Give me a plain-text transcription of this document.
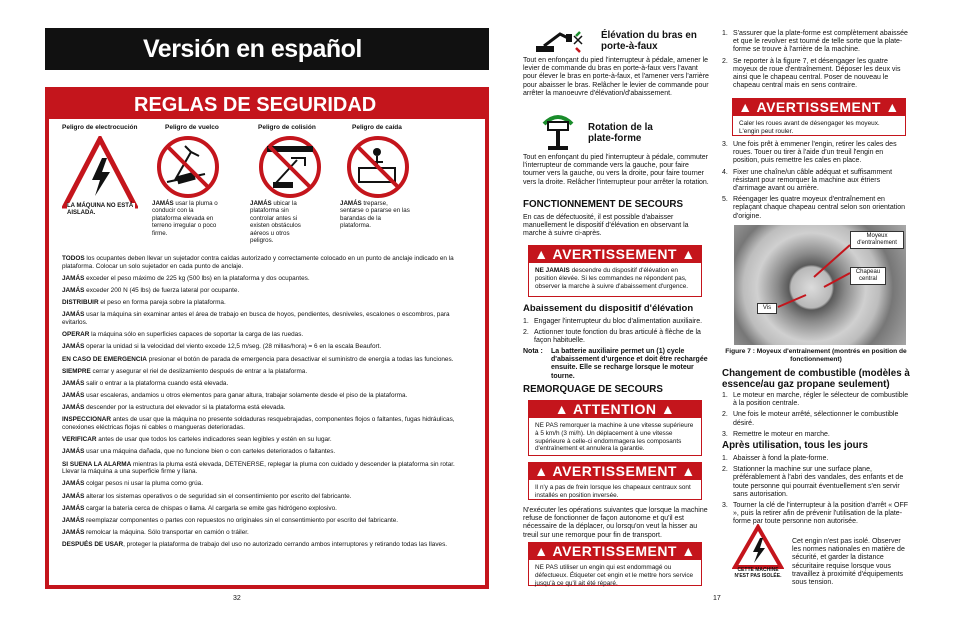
Versión en español
REGLAS DE SEGURIDAD
Peligro de electrocución	Peligro de vuelco	Peligro de colisión	Peligro de caída
LA MÁQUINA NO ESTÁ AISLADA.
JAMÁS usar la pluma o conducir con la plataforma elevada en terreno irregular o poco firme.
JAMÁS ubicar la plataforma sin controlar antes si existen obstáculos aéreos u otros peligros.
JAMÁS treparse, sentarse o pararse en las barandas de la plataforma.

TODOS los ocupantes deben llevar un sujetador contra caídas autorizado y correctamente colocado en un punto de anclaje indicado en la plataforma. Colocar un solo sujetador en cada punto de anclaje.

JAMÁS exceder el peso máximo de 225 kg (500 lbs) en la plataforma y dos ocupantes.

JAMÁS exceder 200 N (45 lbs) de fuerza lateral por ocupante.

DISTRIBUIR el peso en forma pareja sobre la plataforma.

JAMÁS usar la máquina sin examinar antes el área de trabajo en busca de hoyos, pendientes, desniveles, escalones o escombros, para evitarlos.

OPERAR la máquina sólo en superficies capaces de soportar la carga de las ruedas.

JAMÁS operar la unidad si la velocidad del viento excede 12,5 m/seg. (28 millas/hora) = 6 en la escala Beaufort.

EN CASO DE EMERGENCIA presionar el botón de parada de emergencia para desactivar el suministro de energía a todas las funciones.

SIEMPRE cerrar y asegurar el riel de deslizamiento después de entrar a la plataforma.

JAMÁS salir o entrar a la plataforma cuando está elevada.

JAMÁS usar escaleras, andamios u otros elementos para ganar altura, trabajar solamente desde el piso de la plataforma.

JAMÁS descender por la estructura del elevador si la plataforma está elevada.

INSPECCIONAR antes de usar que la máquina no presente soldaduras resquebrajadas, componentes flojos o faltantes, fugas hidráulicas, conexiones eléctricas flojas ni cables o mangueras deterioradas.

VERIFICAR antes de usar que todos los carteles indicadores sean legibles y estén en su lugar.

JAMÁS usar una máquina dañada, que no funcione bien o con carteles deteriorados o faltantes.

SI SUENA LA ALARMA mientras la pluma está elevada, DETENERSE, replegar la pluma con cuidado y descender la plataforma sin rotar. Llevar la máquina a una superficie firme y llana.

JAMÁS colgar pesos ni usar la pluma como grúa.

JAMÁS alterar los sistemas operativos o de seguridad sin el consentimiento por escrito del fabricante.

JAMÁS cargar la batería cerca de chispas o llama. Al cargarla se emite gas hidrógeno explosivo.

JAMÁS reemplazar componentes o partes con repuestos no originales sin el consentimiento por escrito del fabricante.

JAMÁS remolcar la máquina. Sólo transportar en camión o tráiler.

DESPUÉS DE USAR, proteger la plataforma de trabajo del uso no autorizado cerrando ambos interruptores y retirando todas las llaves.

32
Élévation du bras en porte-à-faux
Tout en enfonçant du pied l'interrupteur à pédale, amener le levier de commande du bras en porte-à-faux vers l'avant pour élever le bras en porte-à-faux, et l'amener vers l'arrière pour abaisser le bras. Relâcher le levier de commande pour arrêter la manoeuvre d'élévation/d'abaissement.
Rotation de la plate-forme
Tout en enfonçant du pied l'interrupteur à pédale, commuter l'interrupteur de commande vers la gauche, pour faire tourner vers la gauche, ou vers la droite, pour faire tourner vers la droite. Relâcher l'interrupteur pour arrêter la rotation.
FONCTIONNEMENT DE SECOURS
En cas de défectuosité, il est possible d'abaisser manuellement le dispositif d'élévation en observant la marche à suivre ci-après.
▲ AVERTISSEMENT ▲
NE JAMAIS descendre du dispositif d'élévation en position élevée. Si les commandes ne répondent pas, observer la marche à suivre d'abaissement d'urgence.
Abaissement du dispositif d'élévation
1. Engager l'interrupteur du bloc d'alimentation auxiliaire.
2. Actionner toute fonction du bras articulé à flèche de la façon habituelle.
Nota :	La batterie auxiliaire permet un (1) cycle d'abaissement d'urgence et doit être rechargée ensuite. Elle se recharge lorsque le moteur tourne.
REMORQUAGE DE SECOURS
▲ ATTENTION ▲
NE PAS remorquer la machine à une vitesse supérieure à 5 km/h (3 mi/h). Un déplacement à une vitesse supérieure à celle-ci endommagera les composants d'entraînement et annulera la garantie.
▲ AVERTISSEMENT ▲
Il n'y a pas de frein lorsque les chapeaux centraux sont installés en position inversée.
N'exécuter les opérations suivantes que lorsque la machine refuse de fonctionner de façon autonome et qu'il est nécessaire de la déplacer, ou lorsqu'on veut la hisser au treuil sur une remorque pour fin de transport.
▲ AVERTISSEMENT ▲
NE PAS utiliser un engin qui est endommagé ou défectueux. Étiqueter cet engin et le mettre hors service jusqu'à ce qu'il ait été réparé.
1. S'assurer que la plate-forme est complètement abaissée et que le revolver est tourné de telle sorte que la plate-forme se trouve à l'arrière de la machine.
2. Se reporter à la figure 7, et désengager les quatre moyeux de roue d'entraînement. Déposer les deux vis ainsi que le chapeau central. Poser de nouveau le chapeau central mais en sens contraire.
▲ AVERTISSEMENT ▲
Caler les roues avant de désengager les moyeux. L'engin peut rouler.
3. Une fois prêt à emmener l'engin, retirer les cales des roues. Touer ou tirer à l'aide d'un treuil l'engin en position, puis remettre les cales en place.
4. Fixer une chaîne/un câble adéquat et suffisamment résistant pour remorquer la machine aux étriers d'arrimage avant ou arrière.
5. Réengager les quatre moyeux d'entraînement en replaçant chaque chapeau central selon son orientation d'origine.
Moyeux d'entraînement
Chapeau central
Vis
Figure 7 : Moyeux d'entraînement (montrés en position de fonctionnement)
Changement de combustible (modèles à essence/au gaz propane seulement)
1. Le moteur en marche, régler le sélecteur de combustible à la position centrale.
2. Une fois le moteur arrêté, sélectionner le combustible désiré.
3. Remettre le moteur en marche.
Après utilisation, tous les jours
1. Abaisser à fond la plate-forme.
2. Stationner la machine sur une surface plane, préférablement à l'abri des vandales, des enfants et de toute personne qui pourrait éventuellement s'en servir sans autorisation.
3. Tourner la clé de l'interrupteur à la position d'arrêt « OFF », puis la retirer afin de prévenir l'utilisation de la plate-forme par toute personne non autorisée.
CETTE MACHINE N'EST PAS ISOLÉE.
Cet engin n'est pas isolé. Observer les normes nationales en matière de sécurité, et garder la distance sécuritaire requise lorsque vous travaillez à proximité d'équipements sous tension.
17
